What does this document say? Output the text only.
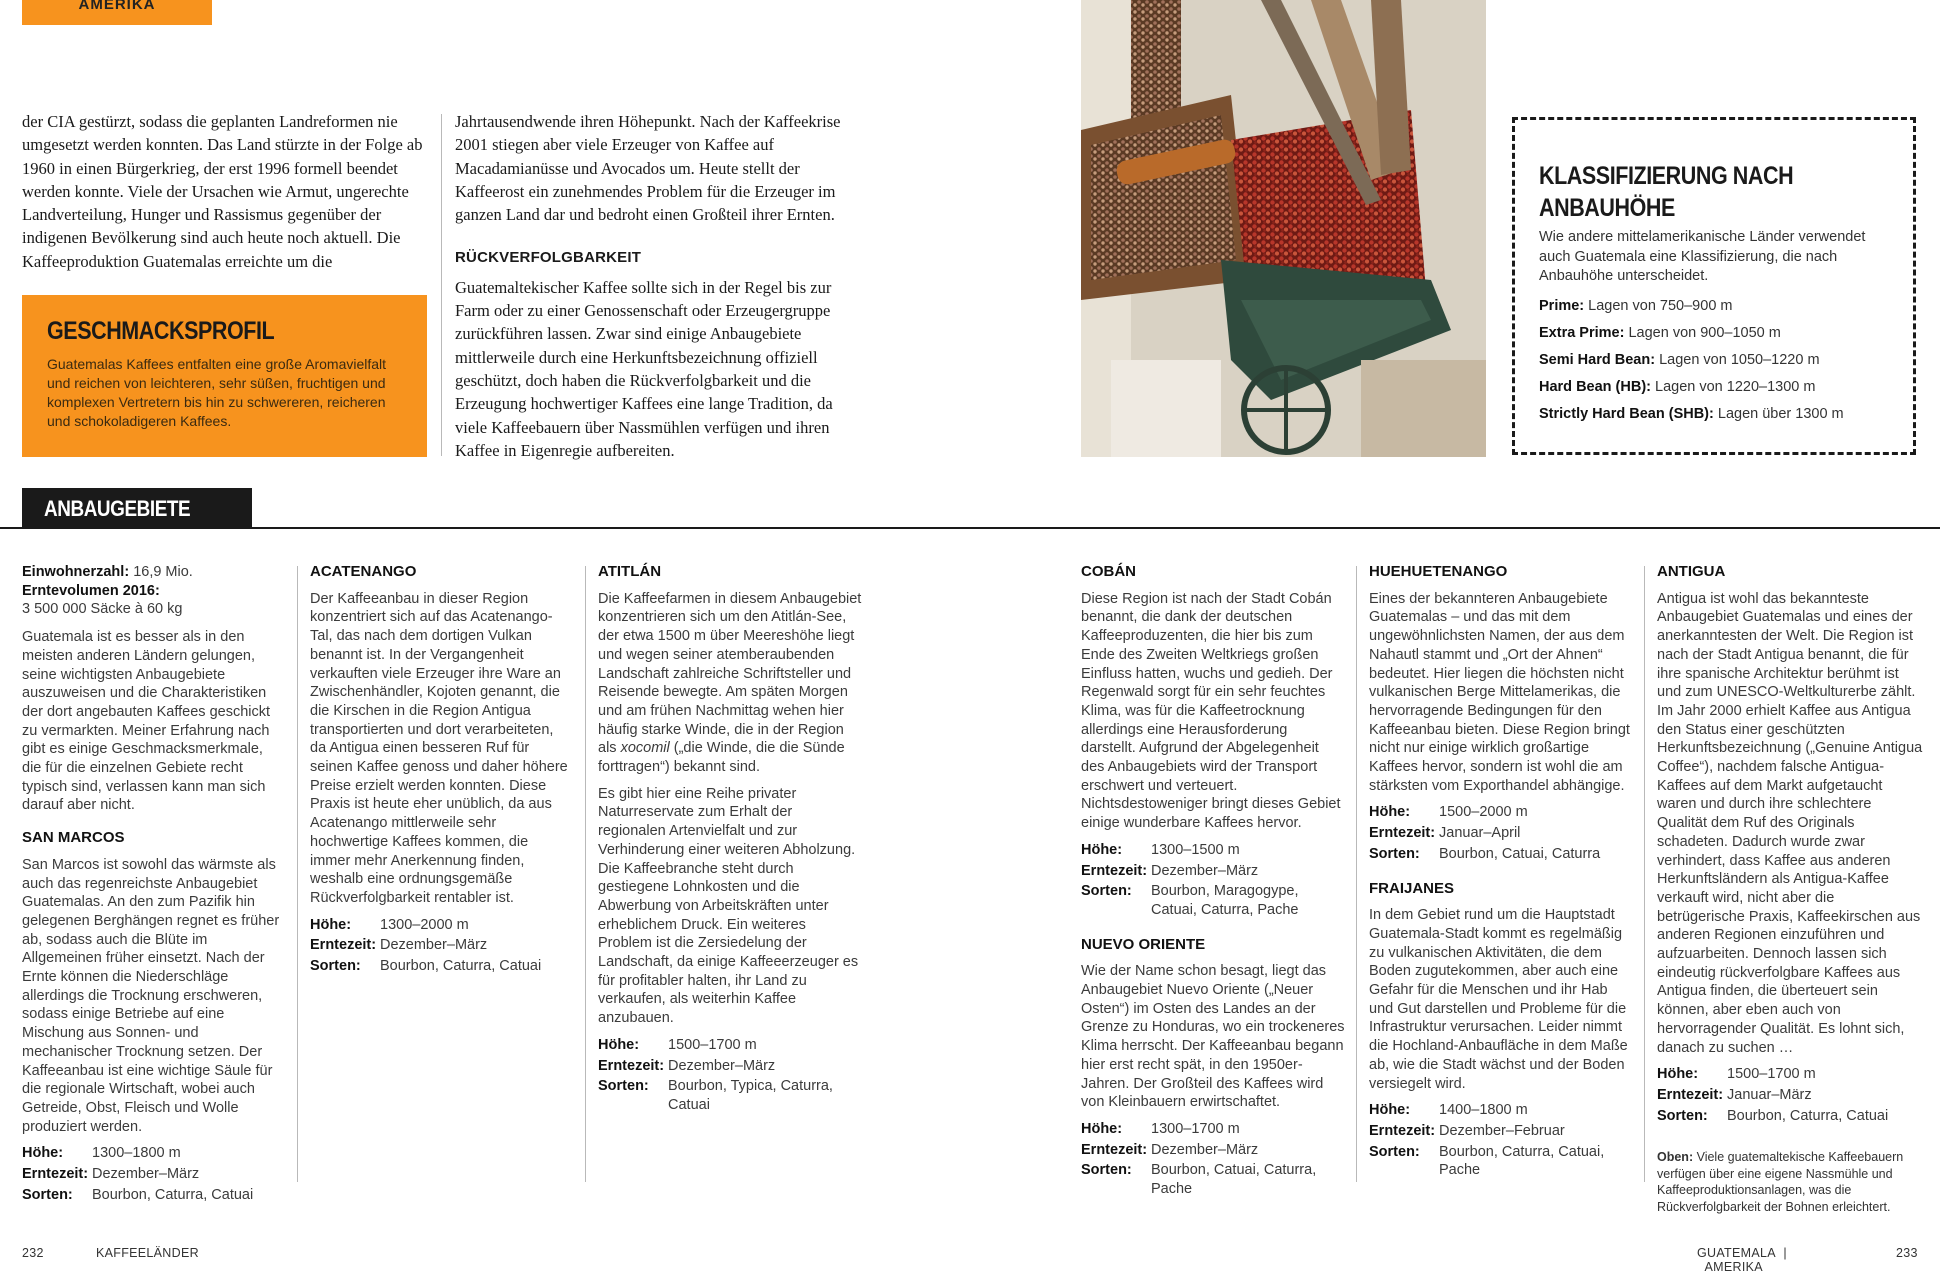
AMERIKA

der CIA gestürzt, sodass die geplanten Landreformen nie umgesetzt werden konnten. Das Land stürzte in der Folge ab 1960 in einen Bürgerkrieg, der erst 1996 formell beendet werden konnte. Viele der Ursachen wie Armut, ungerechte Landverteilung, Hunger und Rassismus gegenüber der indigenen Bevölkerung sind auch heute noch aktuell. Die Kaffeeproduktion Guatemalas erreichte um die

Jahrtausendwende ihren Höhepunkt. Nach der Kaffeekrise 2001 stiegen aber viele Erzeuger von Kaffee auf Macadamianüsse und Avocados um. Heute stellt der Kaffeerost ein zunehmendes Problem für die Erzeuger im ganzen Land dar und bedroht einen Großteil ihrer Ernten.

RÜCKVERFOLGBARKEIT

Guatemaltekischer Kaffee sollte sich in der Regel bis zur Farm oder zu einer Genossenschaft oder Erzeugergruppe zurückführen lassen. Zwar sind einige Anbaugebiete mittlerweile durch eine Herkunftsbezeichnung offiziell geschützt, doch haben die Rückverfolgbarkeit und die Erzeugung hochwertiger Kaffees eine lange Tradition, da viele Kaffeebauern über Nassmühlen verfügen und ihren Kaffee in Eigenregie aufbereiten.

GESCHMACKSPROFIL
Guatemalas Kaffees entfalten eine große Aromavielfalt und reichen von leichteren, sehr süßen, fruchtigen und komplexen Vertretern bis hin zu schwereren, reicheren und schokoladigeren Kaffees.
KLASSIFIZIERUNG NACH
ANBAUHÖHE
Wie andere mittelamerikanische Länder verwendet auch Guatemala eine Klassifizierung, die nach Anbauhöhe unterscheidet.
Prime: Lagen von 750–900 m
Extra Prime: Lagen von 900–1050 m
Semi Hard Bean: Lagen von 1050–1220 m
Hard Bean (HB): Lagen von 1220–1300 m
Strictly Hard Bean (SHB): Lagen über 1300 m
ANBAUGEBIETE
Einwohnerzahl: 16,9 Mio.
Erntevolumen 2016:
3 500 000 Säcke à 60 kg

Guatemala ist es besser als in den meisten anderen Ländern gelungen, seine wichtigsten Anbaugebiete auszuweisen und die Charakteristiken der dort angebauten Kaffees geschickt zu vermarkten. Meiner Erfahrung nach gibt es einige Geschmacksmerkmale, die für die einzelnen Gebiete recht typisch sind, verlassen kann man sich darauf aber nicht.

SAN MARCOS

San Marcos ist sowohl das wärmste als auch das regenreichste Anbaugebiet Guatemalas. An den zum Pazifik hin gelegenen Berghängen regnet es früher ab, sodass auch die Blüte im Allgemeinen früher einsetzt. Nach der Ernte können die Niederschläge allerdings die Trocknung erschweren, sodass einige Betriebe auf eine Mischung aus Sonnen- und mechanischer Trocknung setzen. Der Kaffeeanbau ist eine wichtige Säule für die regionale Wirtschaft, wobei auch Getreide, Obst, Fleisch und Wolle produziert werden.

Höhe:	1300–1800 m
Erntezeit: Dezember–März
Sorten:	Bourbon, Caturra, Catuai
ACATENANGO

Der Kaffeeanbau in dieser Region konzentriert sich auf das Acatenango-Tal, das nach dem dortigen Vulkan benannt ist. In der Vergangenheit verkauften viele Erzeuger ihre Ware an Zwischenhändler, Kojoten genannt, die die Kirschen in die Region Antigua transportierten und dort verarbeiteten, da Antigua einen besseren Ruf für seinen Kaffee genoss und daher höhere Preise erzielt werden konnten. Diese Praxis ist heute eher unüblich, da aus Acatenango mittlerweile sehr hochwertige Kaffees kommen, die immer mehr Anerkennung finden, weshalb eine ordnungsgemäße Rückverfolgbarkeit rentabler ist.

Höhe:	1300–2000 m
Erntezeit: Dezember–März
Sorten:	Bourbon, Caturra, Catuai
ATITLÁN

Die Kaffeefarmen in diesem Anbaugebiet konzentrieren sich um den Atitlán-See, der etwa 1500 m über Meereshöhe liegt und wegen seiner atemberaubenden Landschaft zahlreiche Schriftsteller und Reisende bewegte. Am späten Morgen und am frühen Nachmittag wehen hier häufig starke Winde, die in der Region als xocomil („die Winde, die die Sünde forttragen“) bekannt sind.

Es gibt hier eine Reihe privater Naturreservate zum Erhalt der regionalen Artenvielfalt und zur Verhinderung einer weiteren Abholzung. Die Kaffeebranche steht durch gestiegene Lohnkosten und die Abwerbung von Arbeitskräften unter erheblichem Druck. Ein weiteres Problem ist die Zersiedelung der Landschaft, da einige Kaffeeerzeuger es für profitabler halten, ihr Land zu verkaufen, als weiterhin Kaffee anzubauen.

Höhe:	1500–1700 m
Erntezeit: Dezember–März
Sorten:	Bourbon, Typica, Caturra, Catuai
COBÁN

Diese Region ist nach der Stadt Cobán benannt, die dank der deutschen Kaffeeproduzenten, die hier bis zum Ende des Zweiten Weltkriegs großen Einfluss hatten, wuchs und gedieh. Der Regenwald sorgt für ein sehr feuchtes Klima, was für die Kaffeetrocknung allerdings eine Herausforderung darstellt. Aufgrund der Abgelegenheit des Anbaugebiets wird der Transport erschwert und verteuert. Nichtsdestoweniger bringt dieses Gebiet einige wunderbare Kaffees hervor.

Höhe:	1300–1500 m
Erntezeit: Dezember–März
Sorten:	Bourbon, Maragogype, Catuai, Caturra, Pache
NUEVO ORIENTE

Wie der Name schon besagt, liegt das Anbaugebiet Nuevo Oriente („Neuer Osten“) im Osten des Landes an der Grenze zu Honduras, wo ein trockeneres Klima herrscht. Der Kaffeeanbau begann hier erst recht spät, in den 1950er-Jahren. Der Großteil des Kaffees wird von Kleinbauern erwirtschaftet.

Höhe:	1300–1700 m
Erntezeit: Dezember–März
Sorten:	Bourbon, Catuai, Caturra, Pache
HUEHUETENANGO

Eines der bekannteren Anbaugebiete Guatemalas – und das mit dem ungewöhnlichsten Namen, der aus dem Nahautl stammt und „Ort der Ahnen“ bedeutet. Hier liegen die höchsten nicht vulkanischen Berge Mittelamerikas, die hervorragende Bedingungen für den Kaffeeanbau bieten. Diese Region bringt nicht nur einige wirklich großartige Kaffees hervor, sondern ist wohl die am stärksten vom Exporthandel abhängige.

Höhe:	1500–2000 m
Erntezeit: Januar–April
Sorten:	Bourbon, Catuai, Caturra
FRAIJANES

In dem Gebiet rund um die Hauptstadt Guatemala-Stadt kommt es regelmäßig zu vulkanischen Aktivitäten, die dem Boden zugutekommen, aber auch eine Gefahr für die Menschen und ihr Hab und Gut darstellen und Probleme für die Infrastruktur verursachen. Leider nimmt die Hochland-Anbaufläche in dem Maße ab, wie die Stadt wächst und der Boden versiegelt wird.

Höhe:	1400–1800 m
Erntezeit: Dezember–Februar
Sorten:	Bourbon, Caturra, Catuai, Pache
ANTIGUA

Antigua ist wohl das bekannteste Anbaugebiet Guatemalas und eines der anerkanntesten der Welt. Die Region ist nach der Stadt Antigua benannt, die für ihre spanische Architektur berühmt ist und zum UNESCO-Weltkulturerbe zählt. Im Jahr 2000 erhielt Kaffee aus Antigua den Status einer geschützten Herkunftsbezeichnung („Genuine Antigua Coffee“), nachdem falsche Antigua-Kaffees auf dem Markt aufgetaucht waren und durch ihre schlechtere Qualität dem Ruf des Originals schadeten. Dadurch wurde zwar verhindert, dass Kaffee aus anderen Herkunftsländern als Antigua-Kaffee verkauft wird, nicht aber die betrügerische Praxis, Kaffeekirschen aus anderen Regionen einzuführen und aufzuarbeiten. Dennoch lassen sich eindeutig rückverfolgbare Kaffees aus Antigua finden, die überteuert sein können, aber eben auch von hervorragender Qualität. Es lohnt sich, danach zu suchen …

Höhe:	1500–1700 m
Erntezeit: Januar–März
Sorten:	Bourbon, Caturra, Catuai
Oben: Viele guatemaltekische Kaffeebauern verfügen über eine eigene Nassmühle und Kaffeeproduktionsanlagen, was die Rückverfolgbarkeit der Bohnen erleichtert.
232	KAFFEELÄNDER	GUATEMALA |  AMERIKA
233
